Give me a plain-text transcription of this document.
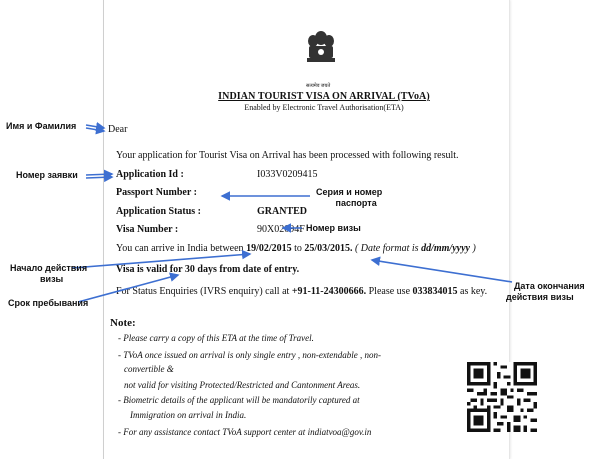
सत्यमेव जयते
INDIAN TOURIST VISA ON ARRIVAL (TVoA)
Enabled by Electronic Travel Authorisation(ETA)
Dear
Your application for Tourist Visa on Arrival has been processed with following result.
Application Id :	I033V0209415
Passport Number :
Application Status :	GRANTED
Visa Number :	90X02094F
You can arrive in India between 19/02/2015 to 25/03/2015. ( Date format is dd/mm/yyyy )
Visa is valid for 30 days from date of entry.
For Status Enquiries (IVRS enquiry) call at +91-11-24300666. Please use 033834015 as key.
Note:
- Please carry a copy of this ETA at the time of Travel.
- TVoA once issued on arrival is only single entry , non-extendable , non-
convertible &
not valid for visiting Protected/Restricted and Cantonment Areas.
- Biometric details of the applicant will be mandatorily captured at
Immigration on arrival in India.
- For any assistance contact TVoA support center at indiatvoa@gov.in
Имя и Фамилия
Номер заявки
Серия и номер
паспорта
Номер визы
Начало действия
визы
Срок пребывания
Дата окончания
действия визы
